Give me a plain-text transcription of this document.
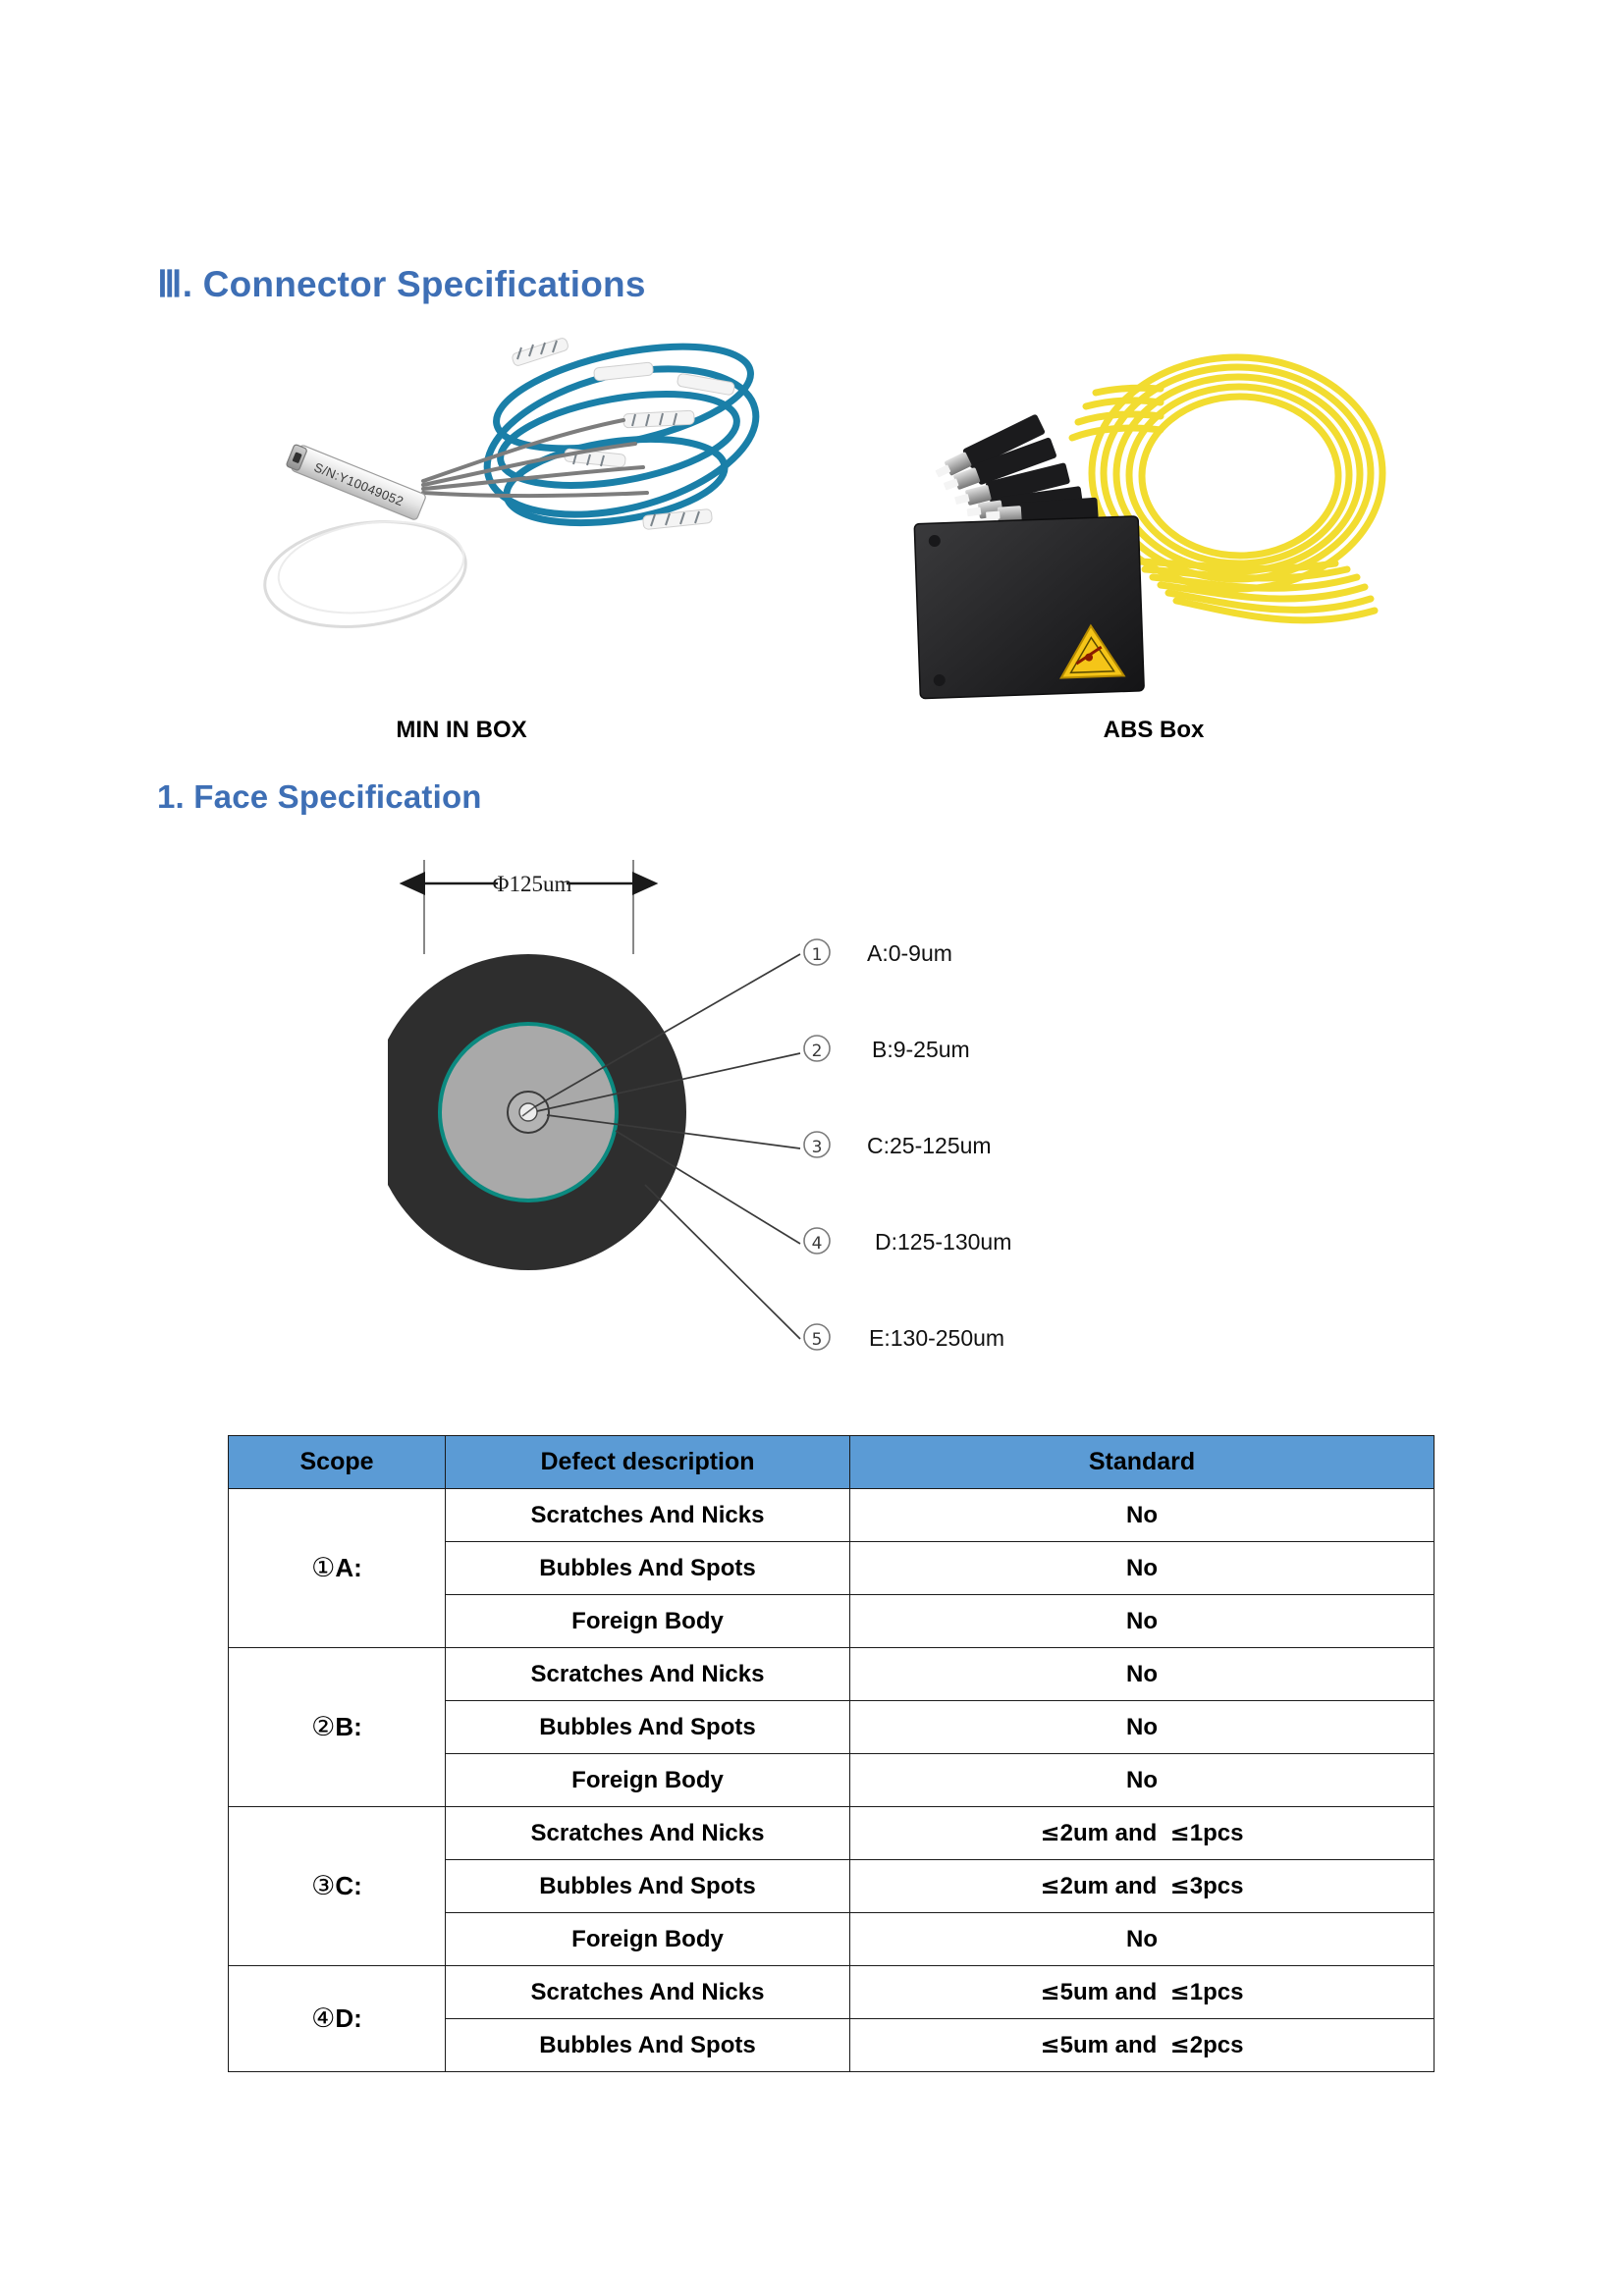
Ⅲ. Connector Specifications
S/N:Y10049052
MIN IN BOX	ABS Box
1. Face Specification
Φ125um
1 A:0-9um
2 B:9-25um
3 C:25-125um
4 D:125-130um
5 E:130-250um
Scope	Defect description	Standard
①A:	Scratches And Nicks	No
	Bubbles And Spots	No
	Foreign Body	No
②B:	Scratches And Nicks	No
	Bubbles And Spots	No
	Foreign Body	No
③C:	Scratches And Nicks	≤2um and  ≤1pcs
	Bubbles And Spots	≤2um and  ≤3pcs
	Foreign Body	No
④D:	Scratches And Nicks	≤5um and  ≤1pcs
	Bubbles And Spots	≤5um and  ≤2pcs
